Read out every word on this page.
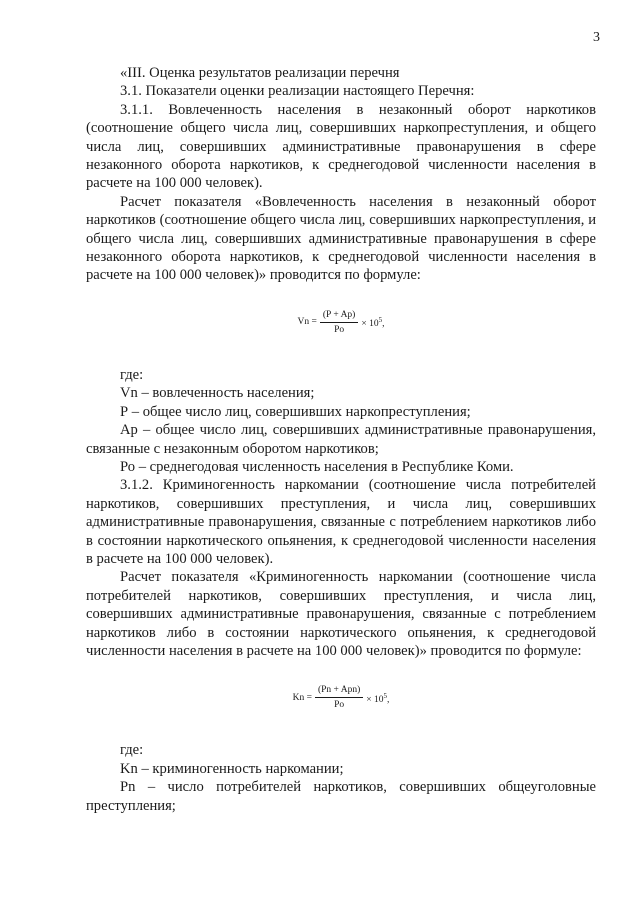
3

«III. Оценка результатов реализации перечня

3.1. Показатели оценки реализации настоящего Перечня:

3.1.1. Вовлеченность населения в незаконный оборот наркотиков (соотношение общего числа лиц, совершивших наркопреступления, и общего числа лиц, совершивших административные правонарушения в сфере незаконного оборота наркотиков, к среднегодовой численности населения в расчете на 100 000 человек).

Расчет показателя «Вовлеченность населения в незаконный оборот наркотиков (соотношение общего числа лиц, совершивших наркопреступления, и общего числа лиц, совершивших административные правонарушения в сфере незаконного оборота наркотиков, к среднегодовой численности населения в расчете на 100 000 человек)» проводится по формуле:

$Vn = \frac{(P + Ap)}{Po} \times 10^5$,

где:

Vn – вовлеченность населения;

Р – общее число лиц, совершивших наркопреступления;

Ар – общее число лиц, совершивших административные правонарушения, связанные с незаконным оборотом наркотиков;

Ро – среднегодовая численность населения в Республике Коми.

3.1.2. Криминогенность наркомании (соотношение числа потребителей наркотиков, совершивших преступления, и числа лиц, совершивших административные правонарушения, связанные с потреблением наркотиков либо в состоянии наркотического опьянения, к среднегодовой численности населения в расчете на 100 000 человек).

Расчет показателя «Криминогенность наркомании (соотношение числа потребителей наркотиков, совершивших преступления, и числа лиц, совершивших административные правонарушения, связанные с потреблением наркотиков либо в состоянии наркотического опьянения, к среднегодовой численности населения в расчете на 100 000 человек)» проводится по формуле:

$Kn = \frac{\text{(Pn + Apn)}}{Po} \times 10^5$,

где:

Kn – криминогенность наркомании;

Pn – число потребителей наркотиков, совершивших общеуголовные преступления;
